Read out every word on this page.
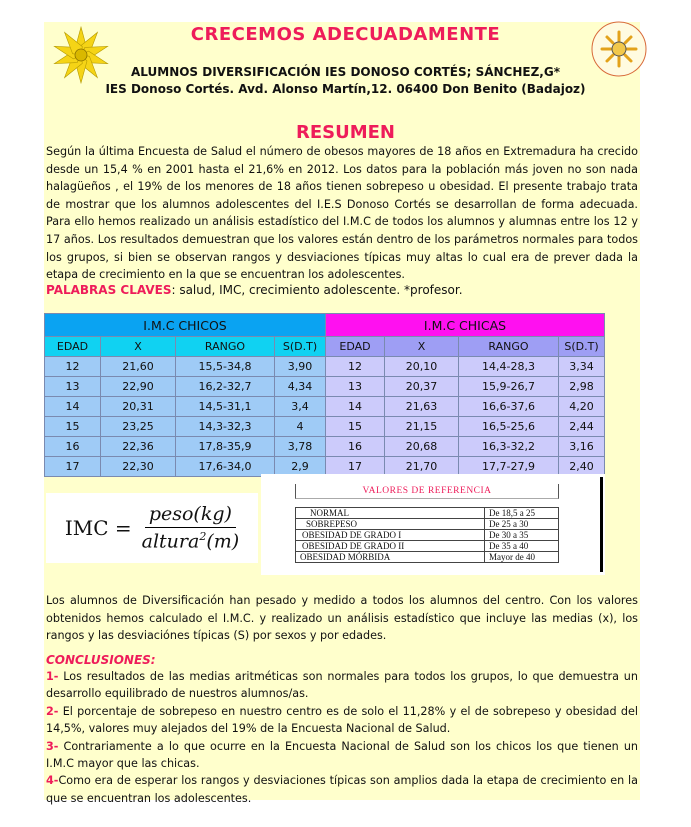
CRECEMOS ADECUADAMENTE
ALUMNOS DIVERSIFICACIÓN IES DONOSO CORTÉS; SÁNCHEZ,G*
IES Donoso Cortés. Avd. Alonso Martín,12. 06400 Don Benito (Badajoz)
RESUMEN
Según la última Encuesta de Salud el número de obesos mayores de 18 años en Extremadura ha crecido desde un 15,4 % en 2001 hasta el 21,6% en 2012. Los datos para la población más joven no son nada halagüeños , el 19% de los menores de 18 años tienen sobrepeso u obesidad. El presente trabajo trata de mostrar que los alumnos adolescentes del I.E.S Donoso Cortés se desarrollan de forma adecuada. Para ello hemos realizado un análisis estadístico del I.M.C de todos los alumnos y alumnas entre los 12 y 17 años. Los resultados demuestran que los valores están dentro de los parámetros normales para todos los grupos, si bien se observan rangos y desviaciones típicas muy altas lo cual era de prever dada la etapa de crecimiento en la que se encuentran los adolescentes.
PALABRAS CLAVES: salud, IMC, crecimiento adolescente. *profesor.
I.M.C CHICOS				I.M.C CHICAS			
EDAD	X	RANGO	S(D.T)	EDAD	X	RANGO	S(D.T)
12	21,60	15,5-34,8	3,90	12	20,10	14,4-28,3	3,34
13	22,90	16,2-32,7	4,34	13	20,37	15,9-26,7	2,98
14	20,31	14,5-31,1	3,4	14	21,63	16,6-37,6	4,20
15	23,25	14,3-32,3	4	15	21,15	16,5-25,6	2,44
16	22,36	17,8-35,9	3,78	16	20,68	16,3-32,2	3,16
17	22,30	17,6-34,0	2,9	17	21,70	17,7-27,9	2,40
IMC = $\frac{\text{peso(kg)}}{altura^2(m)}$
VALORES DE REFERENCIA
NORMAL	De 18,5 a 25
SOBREPESO	De 25 a 30
OBESIDAD DE GRADO I	De 30 a 35
OBESIDAD DE GRADO II	De 35 a 40
OBESIDAD MÓRBIDA	Mayor de 40
Los alumnos de Diversificación han pesado y medido a todos los alumnos del centro. Con los valores obtenidos hemos calculado el I.M.C. y realizado un análisis estadístico que incluye las medias (x), los rangos y las desviaciónes típicas (S) por sexos y por edades.
CONCLUSIONES:

1- Los resultados de las medias aritméticas son normales para todos los grupos, lo que demuestra un desarrollo equilibrado de nuestros alumnos/as.

2- El porcentaje de sobrepeso en nuestro centro es de solo el 11,28% y el de sobrepeso y obesidad del 14,5%, valores muy alejados del 19% de la Encuesta Nacional de Salud.

3- Contrariamente a lo que ocurre en la Encuesta Nacional de Salud son los chicos los que tienen un I.M.C mayor que las chicas.

4-Como era de esperar los rangos y desviaciones típicas son amplios dada la etapa de crecimiento en la que se encuentran los adolescentes.
